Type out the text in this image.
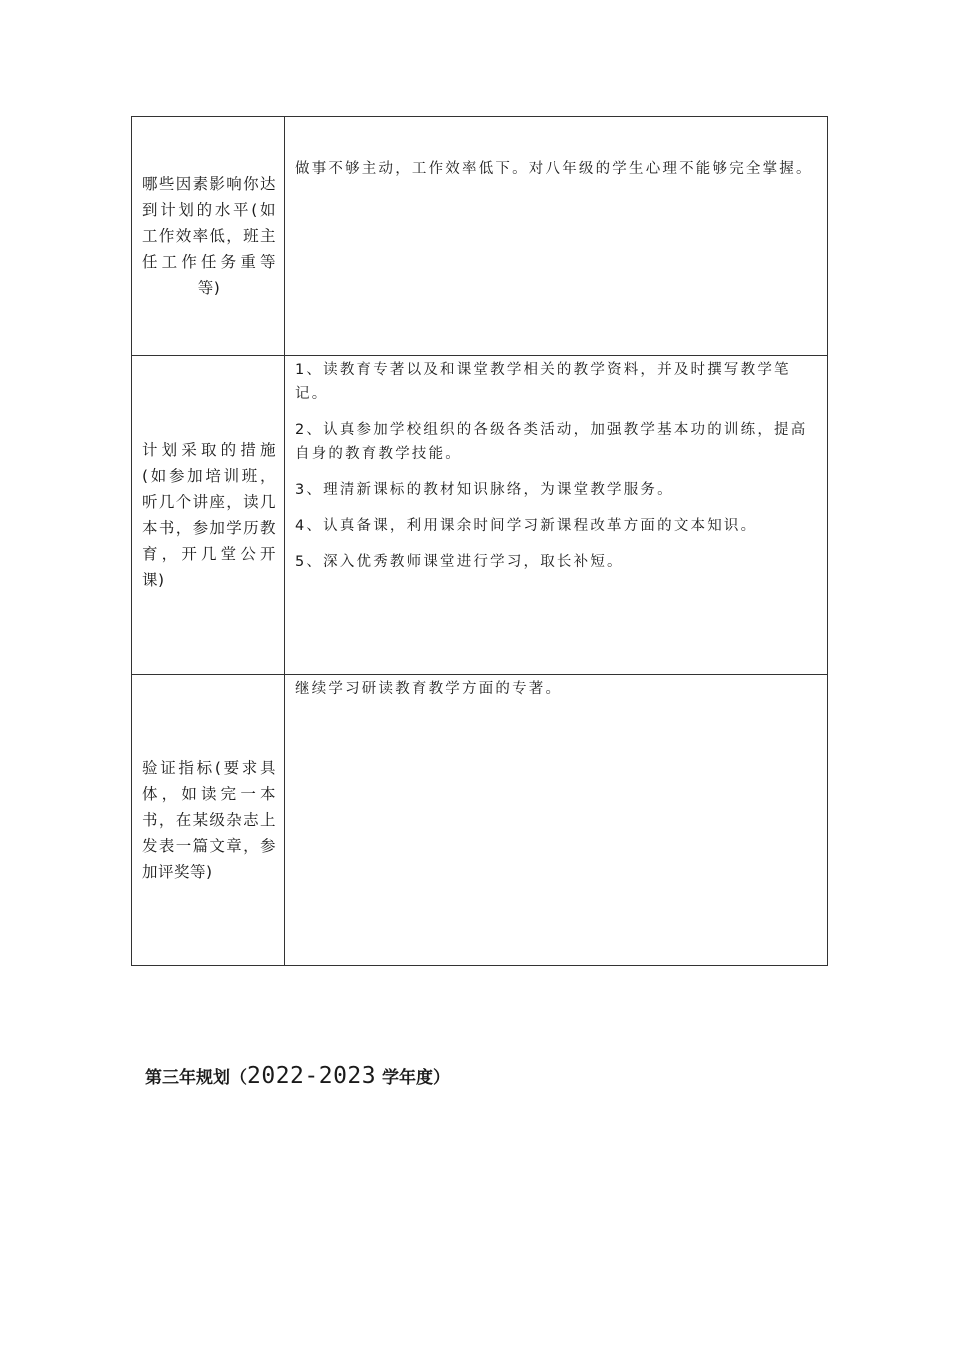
哪些因素影响你达到计划的水平(如工作效率低，班主任工作任务重等等)	做事不够主动，工作效率低下。对八年级的学生心理不能够完全掌握。

计划采取的措施(如参加培训班，听几个讲座，读几本书，参加学历教育，开几堂公开课)	1、读教育专著以及和课堂教学相关的教学资料，并及时撰写教学笔记。
2、认真参加学校组织的各级各类活动，加强教学基本功的训练，提高自身的教育教学技能。
3、理清新课标的教材知识脉络，为课堂教学服务。
4、认真备课，利用课余时间学习新课程改革方面的文本知识。
5、深入优秀教师课堂进行学习，取长补短。

验证指标(要求具体，如读完一本书，在某级杂志上发表一篇文章，参加评奖等)	继续学习研读教育教学方面的专著。
第三年规划（2022-2023 学年度）
